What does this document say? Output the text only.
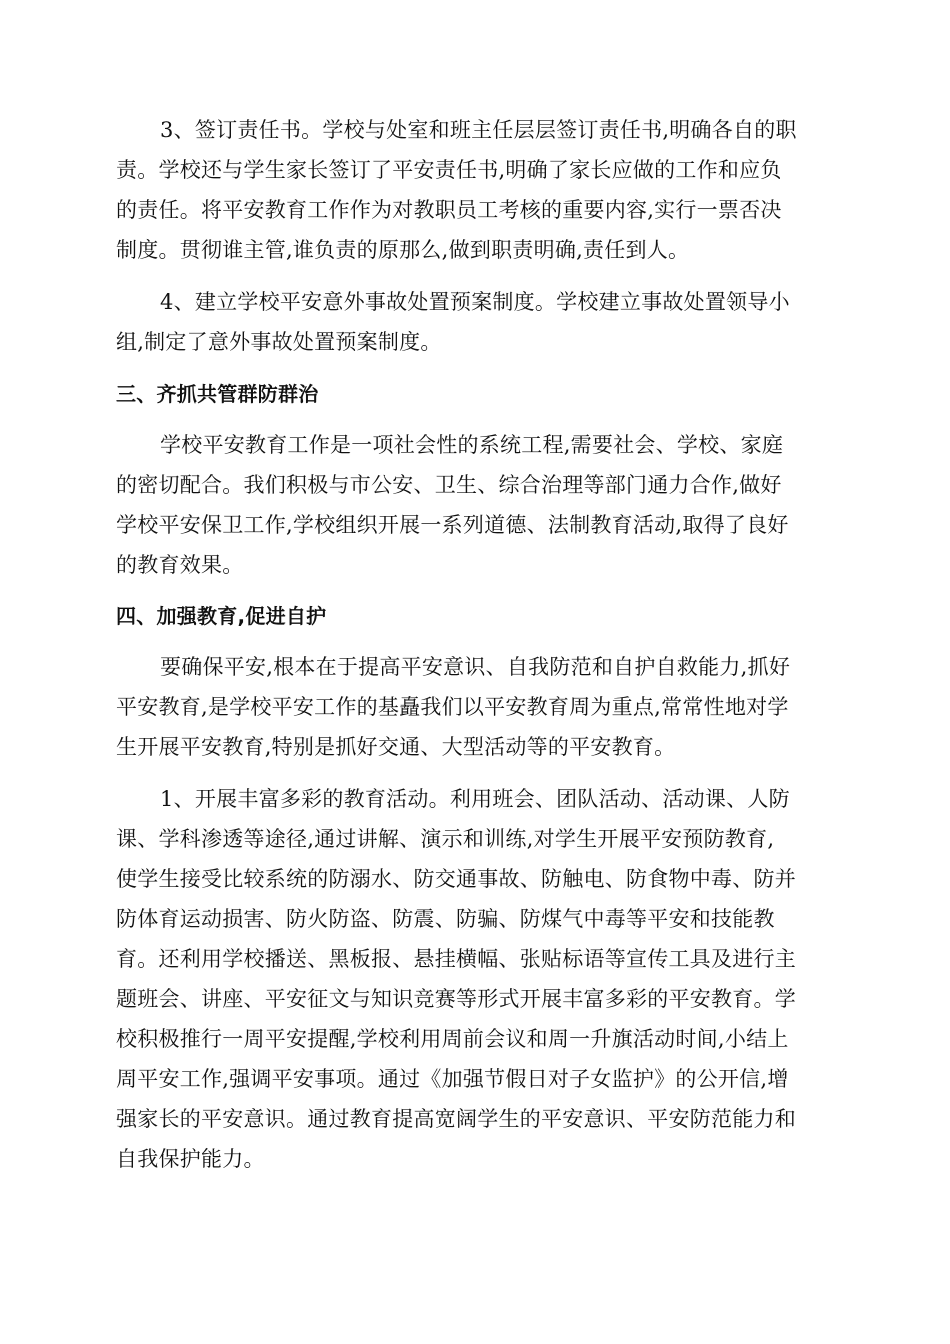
3、签订责任书。学校与处室和班主任层层签订责任书,明确各自的职
责。学校还与学生家长签订了平安责任书,明确了家长应做的工作和应负
的责任。将平安教育工作作为对教职员工考核的重要内容,实行一票否决
制度。贯彻谁主管,谁负责的原那么,做到职责明确,责任到人。
4、建立学校平安意外事故处置预案制度。学校建立事故处置领导小
组,制定了意外事故处置预案制度。
三、齐抓共管群防群治
学校平安教育工作是一项社会性的系统工程,需要社会、学校、家庭
的密切配合。我们积极与市公安、卫生、综合治理等部门通力合作,做好
学校平安保卫工作,学校组织开展一系列道德、法制教育活动,取得了良好
的教育效果。
四、加强教育,促进自护
要确保平安,根本在于提高平安意识、自我防范和自护自救能力,抓好
平安教育,是学校平安工作的基矗我们以平安教育周为重点,常常性地对学
生开展平安教育,特别是抓好交通、大型活动等的平安教育。
1、开展丰富多彩的教育活动。利用班会、团队活动、活动课、人防
课、学科渗透等途径,通过讲解、演示和训练,对学生开展平安预防教育,
使学生接受比较系统的防溺水、防交通事故、防触电、防食物中毒、防并
防体育运动损害、防火防盗、防震、防骗、防煤气中毒等平安和技能教
育。还利用学校播送、黑板报、悬挂横幅、张贴标语等宣传工具及进行主
题班会、讲座、平安征文与知识竞赛等形式开展丰富多彩的平安教育。学
校积极推行一周平安提醒,学校利用周前会议和周一升旗活动时间,小结上
周平安工作,强调平安事项。通过《加强节假日对子女监护》的公开信,增
强家长的平安意识。通过教育提高宽阔学生的平安意识、平安防范能力和
自我保护能力。
